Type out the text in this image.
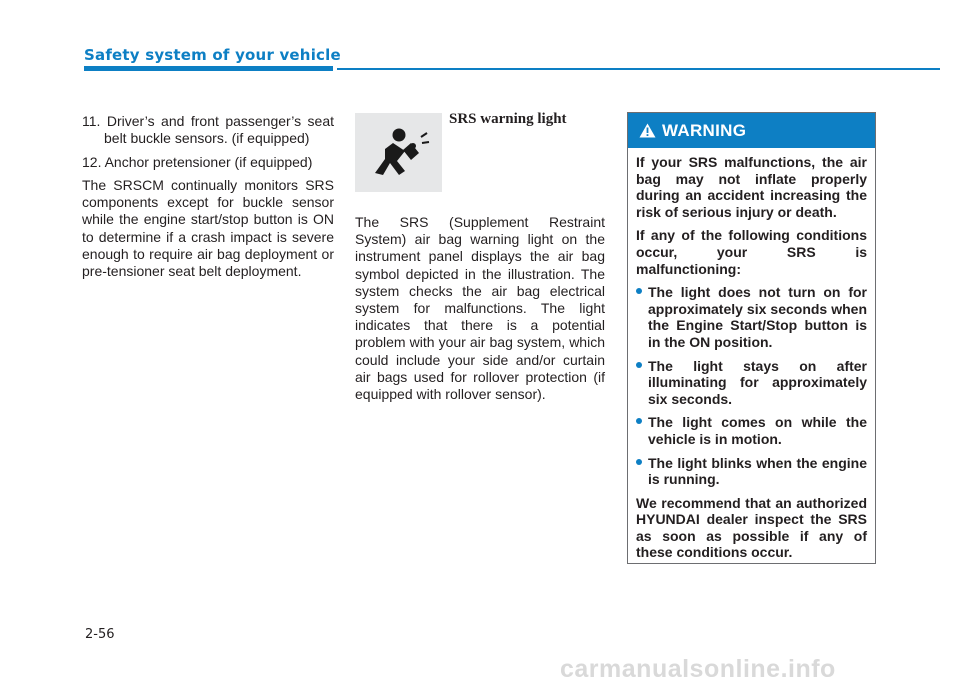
Safety system of your vehicle

11. Driver’s and front passenger’s seat belt buckle sensors. (if equipped)

12. Anchor pretensioner (if equipped)

The SRSCM continually monitors SRS components except for buckle sensor while the engine start/stop button is ON to determine if a crash impact is severe enough to require air bag deployment or pre-tensioner seat belt deployment.

SRS warning light

The SRS (Supplement Restraint System) air bag warning light on the instrument panel displays the air bag symbol depicted in the illustration. The system checks the air bag electrical system for malfunctions. The light indicates that there is a potential problem with your air bag system, which could include your side and/or curtain air bags used for rollover protection (if equipped with rollover sensor).

WARNING

If your SRS malfunctions, the air bag may not inflate properly during an accident increasing the risk of serious injury or death.

If any of the following conditions occur, your SRS is malfunctioning:

The light does not turn on for approximately six seconds when the Engine Start/Stop button is in the ON position.
The light stays on after illuminating for approximately six seconds.
The light comes on while the vehicle is in motion.
The light blinks when the engine is running.

We recommend that an authorized HYUNDAI dealer inspect the SRS as soon as possible if any of these conditions occur.

2-56

carmanualsonline.info
